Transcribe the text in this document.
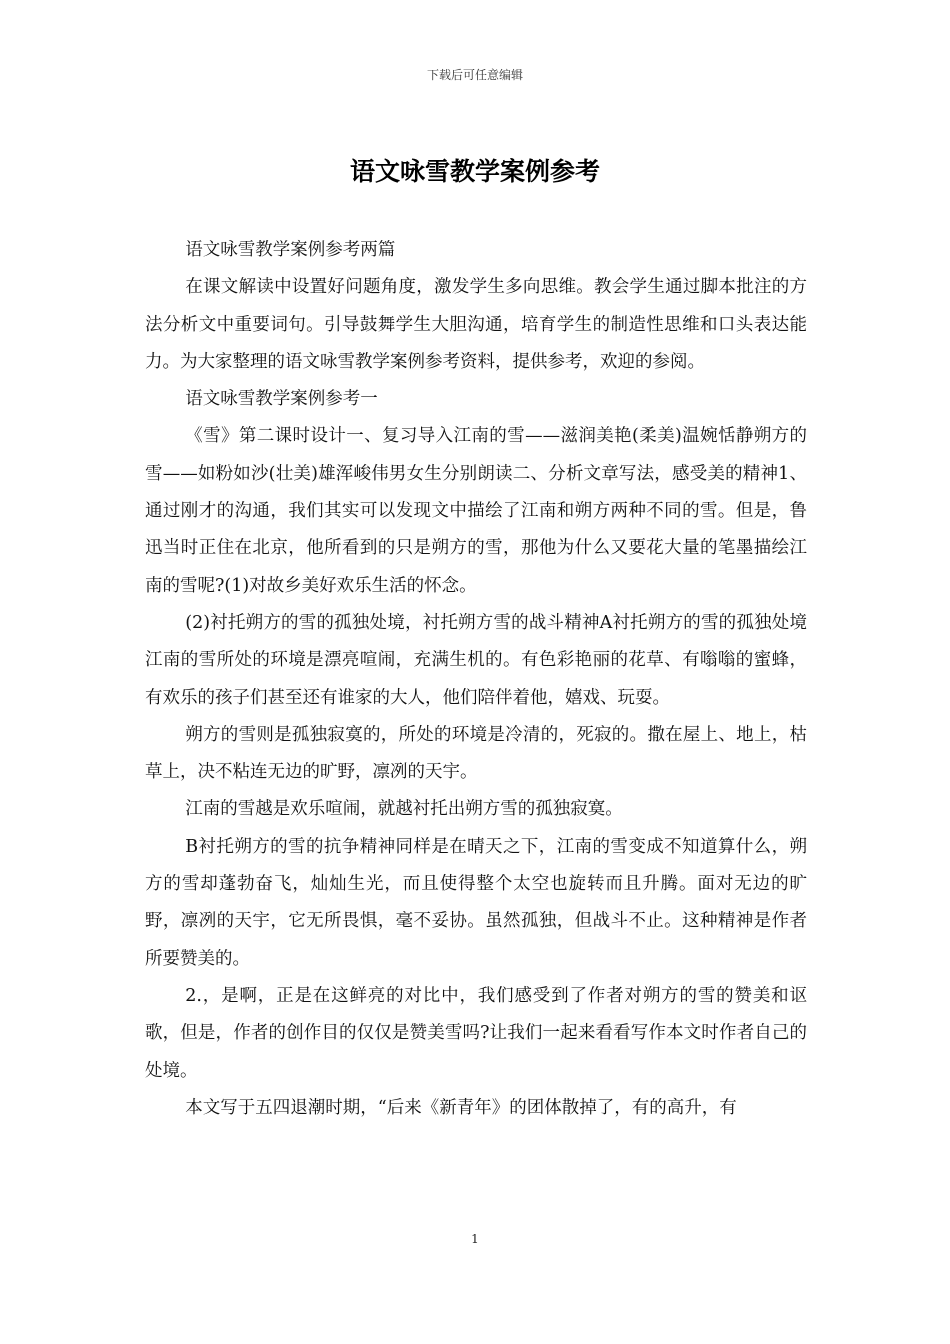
下载后可任意编辑
语文咏雪教学案例参考

语文咏雪教学案例参考两篇

在课文解读中设置好问题角度，激发学生多向思维。教会学生通过脚本批注的方法分析文中重要词句。引导鼓舞学生大胆沟通，培育学生的制造性思维和口头表达能力。为大家整理的语文咏雪教学案例参考资料，提供参考，欢迎的参阅。

语文咏雪教学案例参考一

《雪》第二课时设计一、复习导入江南的雪——滋润美艳(柔美)温婉恬静朔方的雪——如粉如沙(壮美)雄浑峻伟男女生分别朗读二、分析文章写法，感受美的精神1、通过刚才的沟通，我们其实可以发现文中描绘了江南和朔方两种不同的雪。但是，鲁迅当时正住在北京，他所看到的只是朔方的雪，那他为什么又要花大量的笔墨描绘江南的雪呢?(1)对故乡美好欢乐生活的怀念。

(2)衬托朔方的雪的孤独处境，衬托朔方雪的战斗精神A衬托朔方的雪的孤独处境江南的雪所处的环境是漂亮喧闹，充满生机的。有色彩艳丽的花草、有嗡嗡的蜜蜂，有欢乐的孩子们甚至还有谁家的大人，他们陪伴着他，嬉戏、玩耍。

朔方的雪则是孤独寂寞的，所处的环境是冷清的，死寂的。撒在屋上、地上，枯草上，决不粘连无边的旷野，凛冽的天宇。

江南的雪越是欢乐喧闹，就越衬托出朔方雪的孤独寂寞。

B衬托朔方的雪的抗争精神同样是在晴天之下，江南的雪变成不知道算什么，朔方的雪却蓬勃奋飞，灿灿生光，而且使得整个太空也旋转而且升腾。面对无边的旷野，凛冽的天宇，它无所畏惧，毫不妥协。虽然孤独，但战斗不止。这种精神是作者所要赞美的。

2.，是啊，正是在这鲜亮的对比中，我们感受到了作者对朔方的雪的赞美和讴歌，但是，作者的创作目的仅仅是赞美雪吗?让我们一起来看看写作本文时作者自己的处境。

本文写于五四退潮时期，“后来《新青年》的团体散掉了，有的高升，有

1
